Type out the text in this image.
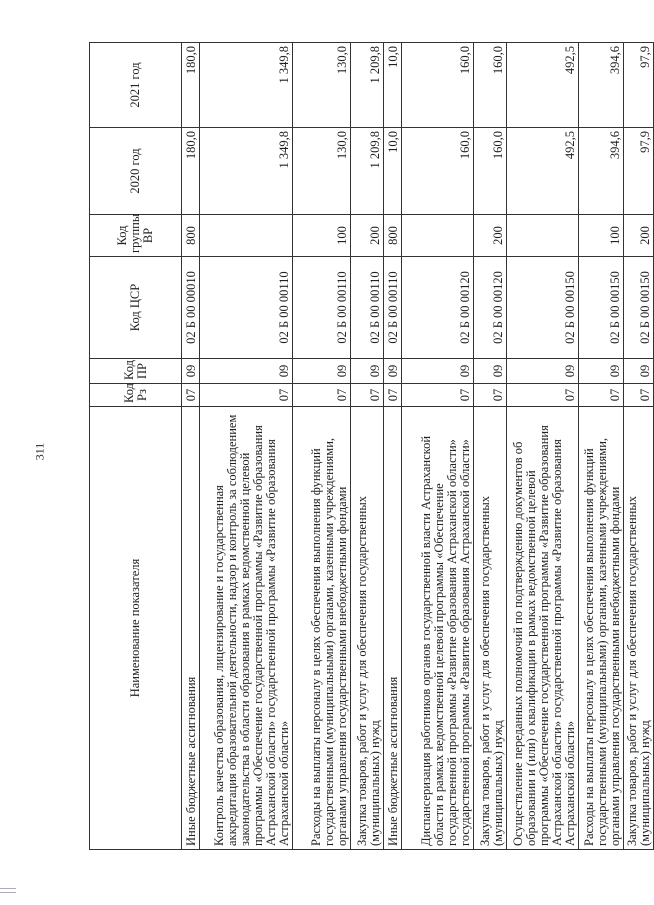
311
Наименование показателя	Код Рз	Код ПР	Код ЦСР	Код группы ВР	2020 год	2021 год
Иные бюджетные ассигнования	07	09	02 Б 00 00010	800	180,0	180,0
Контроль качества образования, лицензирование и государственная аккредитация образовательной деятельности, надзор и контроль за соблюдением законодательства в области образования в рамках ведомственной целевой программы «Обеспечение государственной программы «Развитие образования Астраханской области» государственной программы «Развитие образования Астраханской области»	07	09	02 Б 00 00110		1 349,8	1 349,8
Расходы на выплаты персоналу в целях обеспечения выполнения функций государственными (муниципальными) органами, казенными учреждениями, органами управления государственными внебюджетными фондами	07	09	02 Б 00 00110	100	130,0	130,0
Закупка товаров, работ и услуг для обеспечения государственных (муниципальных) нужд	07	09	02 Б 00 00110	200	1 209,8	1 209,8
Иные бюджетные ассигнования	07	09	02 Б 00 00110	800	10,0	10,0
Диспансеризация работников органов государственной власти Астраханской области в рамках ведомственной целевой программы «Обеспечение государственной программы «Развитие образования Астраханской области» государственной программы «Развитие образования Астраханской области»	07	09	02 Б 00 00120		160,0	160,0
Закупка товаров, работ и услуг для обеспечения государственных (муниципальных) нужд	07	09	02 Б 00 00120	200	160,0	160,0
Осуществление переданных полномочий по подтверждению документов об образовании и (или) о квалификации в рамках ведомственной целевой программы «Обеспечение государственной программы «Развитие образования Астраханской области» государственной программы «Развитие образования Астраханской области»	07	09	02 Б 00 00150		492,5	492,5
Расходы на выплаты персоналу в целях обеспечения выполнения функций государственными (муниципальными) органами, казенными учреждениями, органами управления государственными внебюджетными фондами	07	09	02 Б 00 00150	100	394,6	394,6
Закупка товаров, работ и услуг для обеспечения государственных (муниципальных) нужд	07	09	02 Б 00 00150	200	97,9	97,9
